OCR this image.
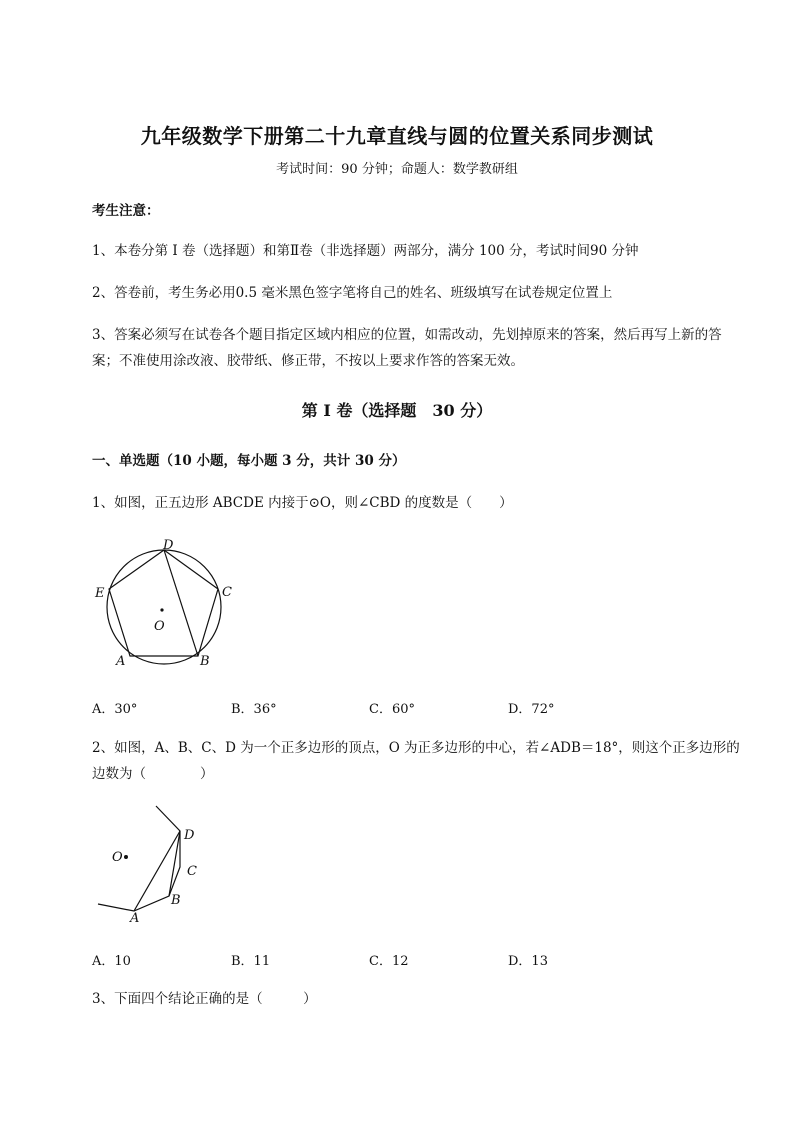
九年级数学下册第二十九章直线与圆的位置关系同步测试
考试时间：90 分钟；命题人：数学教研组
考生注意：
1、本卷分第 I 卷（选择题）和第Ⅱ卷（非选择题）两部分，满分 100 分，考试时间90 分钟
2、答卷前，考生务必用0.5 毫米黑色签字笔将自己的姓名、班级填写在试卷规定位置上
3、答案必须写在试卷各个题目指定区域内相应的位置，如需改动，先划掉原来的答案，然后再写上新的答案；不准使用涂改液、胶带纸、修正带，不按以上要求作答的答案无效。
第 I 卷（选择题　30 分）
一、单选题（10 小题，每小题 3 分，共计 30 分）
1、如图，正五边形 ABCDE 内接于⊙O，则∠CBD 的度数是（　　）
D
E	C
O
A	B
A．30°	B．36°	C．60°	D．72°
2、如图，A、B、C、D 为一个正多边形的顶点，O 为正多边形的中心，若∠ADB＝18°，则这个正多边形的边数为（　　　　）
D
O
C
B
A
A．10	B．11	C．12	D．13
3、下面四个结论正确的是（　　　）
